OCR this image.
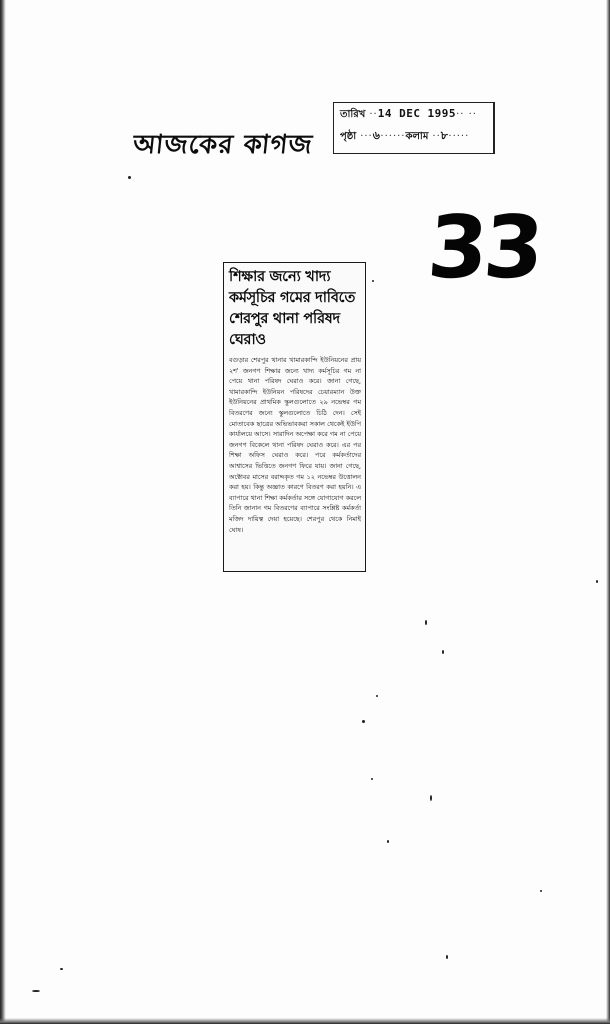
আজকের কাগজ
তারিখ ·· 14 DEC 1995 ·· ··
পৃষ্ঠা ··· ৬ ······ কলাম ·· ৮ ·····
33
শিক্ষার জন্যে খাদ্য কর্মসূচির গমের দাবিতে শেরপুর থানা পরিষদ ঘেরাও

বগুড়ার শেরপুর থানার খামারকান্দি ইউনিয়নের প্রায় ২শ' জনগণ শিক্ষার জন্যে খাদ্য কর্মসূচির গম না পেয়ে থানা পরিষদ ঘেরাও করে। জানা গেছে, খামারকান্দি ইউনিয়ন পরিষদের চেয়ারম্যান উক্ত ইউনিয়নের প্রাথমিক স্কুলগুলোতে ২৯ নভেম্বর গম বিতরণের জন্যে স্কুলগুলোতে চিঠি দেন। সেই মোতাবেক ছাত্রের অভিভাবকরা সকাল থেকেই ইউপি কার্যালয়ে আসে। সারাদিন অপেক্ষা করে গম না পেয়ে জনগণ বিকেলে থানা পরিষদ ঘেরাও করে। এর পর শিক্ষা অফিস ঘেরাও করে। পরে কর্মকর্তাদের আশ্বাসের ভিত্তিতে জনগণ ফিরে যায়। জানা গেছে, অক্টোবর মাসের বরাদ্দকৃত গম ১২ নভেম্বর উত্তোলন করা হয়। কিন্তু অজ্ঞাত কারণে বিতরণ করা হয়নি। এ ব্যাপারে থানা শিক্ষা কর্মকর্তার সঙ্গে যোগাযোগ করলে তিনি জানান গম বিতরণের ব্যাপারে সংশ্লিষ্ট কর্মকর্তা মজিদ দায়িত্ব দেয়া হয়েছে। শেরপুর থেকে নিমাই ঘোষ।
